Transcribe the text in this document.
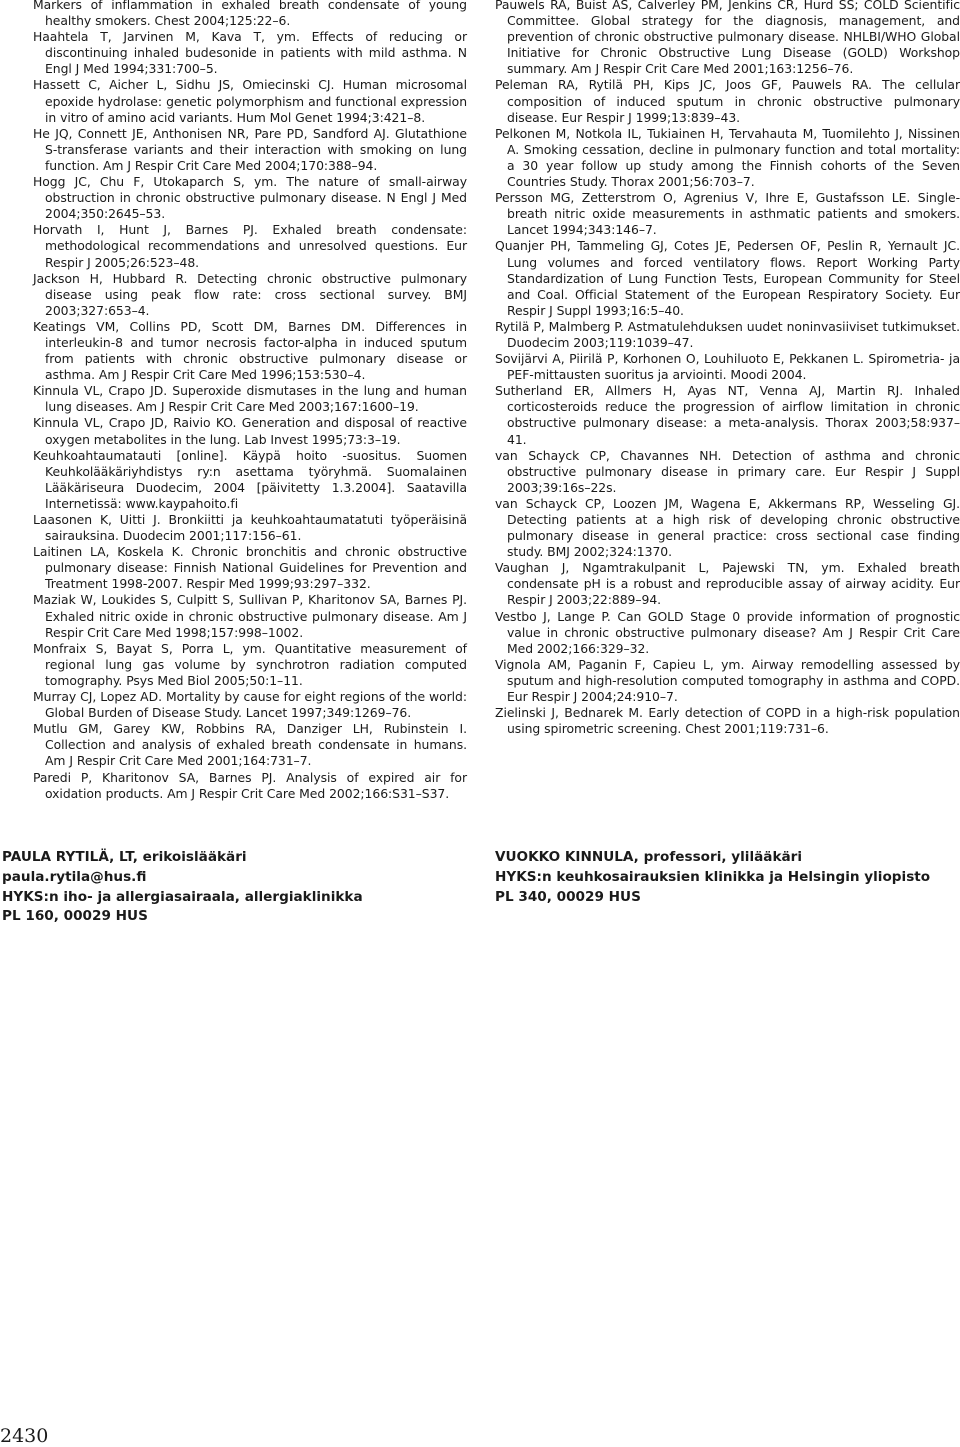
Markers of inflammation in exhaled breath condensate of young healthy smokers. Chest 2004;125:22–6.

Haahtela T, Jarvinen M, Kava T, ym. Effects of reducing or discontinuing inhaled budesonide in patients with mild asthma. N Engl J Med 1994;331:700–5.

Hassett C, Aicher L, Sidhu JS, Omiecinski CJ. Human microsomal epoxide hydrolase: genetic polymorphism and functional expression in vitro of amino acid variants. Hum Mol Genet 1994;3:421–8.

He JQ, Connett JE, Anthonisen NR, Pare PD, Sandford AJ. Glutathione S-transferase variants and their interaction with smoking on lung function. Am J Respir Crit Care Med 2004;170:388–94.

Hogg JC, Chu F, Utokaparch S, ym. The nature of small-airway obstruction in chronic obstructive pulmonary disease. N Engl J Med 2004;350:2645–53.

Horvath I, Hunt J, Barnes PJ. Exhaled breath condensate: methodological recommendations and unresolved questions. Eur Respir J 2005;26:523–48.

Jackson H, Hubbard R. Detecting chronic obstructive pulmonary disease using peak flow rate: cross sectional survey. BMJ 2003;327:653–4.

Keatings VM, Collins PD, Scott DM, Barnes DM. Differences in interleukin-8 and tumor necrosis factor-alpha in induced sputum from patients with chronic obstructive pulmonary disease or asthma. Am J Respir Crit Care Med 1996;153:530–4.

Kinnula VL, Crapo JD. Superoxide dismutases in the lung and human lung diseases. Am J Respir Crit Care Med 2003;167:1600–19.

Kinnula VL, Crapo JD, Raivio KO. Generation and disposal of reactive oxygen metabolites in the lung. Lab Invest 1995;73:3–19.

Keuhkoahtaumatauti [online]. Käypä hoito -suositus. Suomen Keuhkolääkäriyhdistys ry:n asettama työryhmä. Suomalainen Lääkäriseura Duodecim, 2004 [päivitetty 1.3.2004]. Saatavilla Internetissä: www.kaypahoito.fi

Laasonen K, Uitti J. Bronkiitti ja keuhkoahtaumatatuti työperäisinä sairauksina. Duodecim 2001;117:156–61.

Laitinen LA, Koskela K. Chronic bronchitis and chronic obstructive pulmonary disease: Finnish National Guidelines for Prevention and Treatment 1998-2007. Respir Med 1999;93:297–332.

Maziak W, Loukides S, Culpitt S, Sullivan P, Kharitonov SA, Barnes PJ. Exhaled nitric oxide in chronic obstructive pulmonary disease. Am J Respir Crit Care Med 1998;157:998–1002.

Monfraix S, Bayat S, Porra L, ym. Quantitative measurement of regional lung gas volume by synchrotron radiation computed tomography. Psys Med Biol 2005;50:1–11.

Murray CJ, Lopez AD. Mortality by cause for eight regions of the world: Global Burden of Disease Study. Lancet 1997;349:1269–76.

Mutlu GM, Garey KW, Robbins RA, Danziger LH, Rubinstein I. Collection and analysis of exhaled breath condensate in humans. Am J Respir Crit Care Med 2001;164:731–7.

Paredi P, Kharitonov SA, Barnes PJ. Analysis of expired air for oxidation products. Am J Respir Crit Care Med 2002;166:S31–S37.

Pauwels RA, Buist AS, Calverley PM, Jenkins CR, Hurd SS; COLD Scientific Committee. Global strategy for the diagnosis, management, and prevention of chronic obstructive pulmonary disease. NHLBI/WHO Global Initiative for Chronic Obstructive Lung Disease (GOLD) Workshop summary. Am J Respir Crit Care Med 2001;163:1256–76.

Peleman RA, Rytilä PH, Kips JC, Joos GF, Pauwels RA. The cellular composition of induced sputum in chronic obstructive pulmonary disease. Eur Respir J 1999;13:839–43.

Pelkonen M, Notkola IL, Tukiainen H, Tervahauta M, Tuomilehto J, Nissinen A. Smoking cessation, decline in pulmonary function and total mortality: a 30 year follow up study among the Finnish cohorts of the Seven Countries Study. Thorax 2001;56:703–7.

Persson MG, Zetterstrom O, Agrenius V, Ihre E, Gustafsson LE. Single-breath nitric oxide measurements in asthmatic patients and smokers. Lancet 1994;343:146–7.

Quanjer PH, Tammeling GJ, Cotes JE, Pedersen OF, Peslin R, Yernault JC. Lung volumes and forced ventilatory flows. Report Working Party Standardization of Lung Function Tests, European Community for Steel and Coal. Official Statement of the European Respiratory Society. Eur Respir J Suppl 1993;16:5–40.

Rytilä P, Malmberg P. Astmatulehduksen uudet noninvasiiviset tutkimukset. Duodecim 2003;119:1039–47.

Sovijärvi A, Piirilä P, Korhonen O, Louhiluoto E, Pekkanen L. Spirometria- ja PEF-mittausten suoritus ja arviointi. Moodi 2004.

Sutherland ER, Allmers H, Ayas NT, Venna AJ, Martin RJ. Inhaled corticosteroids reduce the progression of airflow limitation in chronic obstructive pulmonary disease: a meta-analysis. Thorax 2003;58:937–41.

van Schayck CP, Chavannes NH. Detection of asthma and chronic obstructive pulmonary disease in primary care. Eur Respir J Suppl 2003;39:16s–22s.

van Schayck CP, Loozen JM, Wagena E, Akkermans RP, Wesseling GJ. Detecting patients at a high risk of developing chronic obstructive pulmonary disease in general practice: cross sectional case finding study. BMJ 2002;324:1370.

Vaughan J, Ngamtrakulpanit L, Pajewski TN, ym. Exhaled breath condensate pH is a robust and reproducible assay of airway acidity. Eur Respir J 2003;22:889–94.

Vestbo J, Lange P. Can GOLD Stage 0 provide information of prognostic value in chronic obstructive pulmonary disease? Am J Respir Crit Care Med 2002;166:329–32.

Vignola AM, Paganin F, Capieu L, ym. Airway remodelling assessed by sputum and high-resolution computed tomography in asthma and COPD. Eur Respir J 2004;24:910–7.

Zielinski J, Bednarek M. Early detection of COPD in a high-risk population using spirometric screening. Chest 2001;119:731–6.

PAULA RYTILÄ, LT, erikoislääkäri
paula.rytila@hus.fi
HYKS:n iho- ja allergiasairaala, allergiaklinikka
PL 160, 00029 HUS
VUOKKO KINNULA, professori, ylilääkäri
HYKS:n keuhkosairauksien klinikka ja Helsingin yliopisto
PL 340, 00029 HUS
2430
